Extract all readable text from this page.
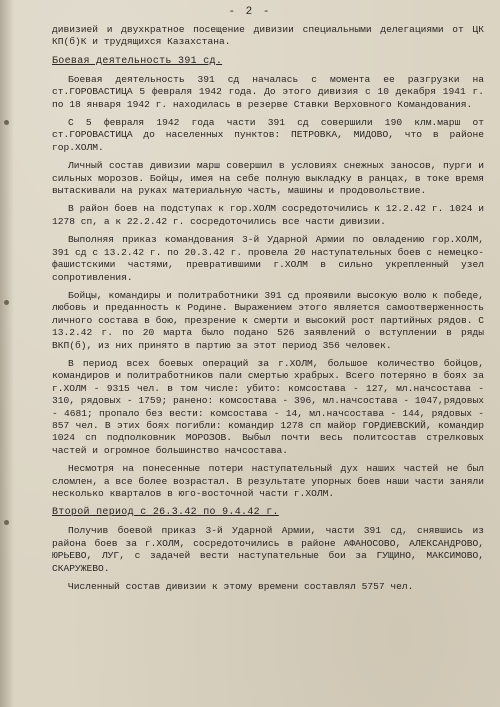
- 2 -

дивизией и двухкратное посещение дивизии специальными делегациями от ЦК КП(б)К и трудящихся Казахстана.

Боевая деятельность 391 сд.

Боевая деятельность 391 сд началась с момента ее разгрузки на ст.ГОРОВАСТИЦА 5 февраля 1942 года. До этого дивизия с 10 декабря 1941 г. по 18 января 1942 г. находилась в резерве Ставки Верховного Командования.

С 5 февраля 1942 года части 391 сд совершили 190 клм.марш от ст.ГОРОВАСТИЦА до населенных пунктов: ПЕТРОВКА, МИДОВО, что в районе гор.ХОЛМ.

Личный состав дивизии марш совершил в условиях снежных заносов, пурги и сильных морозов. Бойцы, имея на себе полную выкладку в ранцах, в токе время вытаскивали на руках материальную часть, машины и продовольствие.

В район боев на подступах к гор.ХОЛМ сосредоточились к 12.2.42 г. 1024 и 1278 сп, а к 22.2.42 г. сосредоточились все части дивизии.

Выполняя приказ командования 3-й Ударной Армии по овладению гор.ХОЛМ, 391 сд с 13.2.42 г. по 20.3.42 г. провела 20 наступательных боев с немецко-фашистскими частями, превратившими г.ХОЛМ в сильно укрепленный узел сопротивления.

Бойцы, командиры и политработники 391 сд проявили высокую волю к победе, любовь и преданность к Родине. Выражением этого является самоотверженность личного состава в бою, презрение к смерти и высокий рост партийных рядов. С 13.2.42 г. по 20 марта было подано 526 заявлений о вступлении в ряды ВКП(б), из них принято в партию за этот период 356 человек.

В период всех боевых операций за г.ХОЛМ, большое количество бойцов, командиров и политработников пали смертью храбрых. Всего потеряно в боях за г.ХОЛМ - 9315 чел. в том числе: убито: комсостава - 127, мл.начсостава - 310, рядовых - 1759; ранено: комсостава - 396, мл.начсостава - 1047,рядовых - 4681; пропало без вести: комсостава - 14, мл.начсостава - 144, рядовых - 857 чел. В этих боях погибли: командир 1278 сп майор ГОРДИЕВСКИЙ, командир 1024 сп подполковник МОРОЗОВ. Выбыл почти весь политсостав стрелковых частей и огромное большинство начсостава.

Несмотря на понесенные потери наступательный дух наших частей не был сломлен, а все более возрастал. В результате упорных боев наши части заняли несколько кварталов в юго-восточной части г.ХОЛМ.

Второй период с 26.3.42 по 9.4.42 г.

Получив боевой приказ 3-й Ударной Армии, части 391 сд, снявшись из района боев за г.ХОЛМ, сосредоточились в районе АФАНОСОВО, АЛЕКСАНДРОВО, ЮРЬЕВО, ЛУГ, с задачей вести наступательные бои за ГУЩИНО, МАКСИМОВО, СКАРУЖЕВО.

Численный состав дивизии к этому времени составлял 5757 чел.
